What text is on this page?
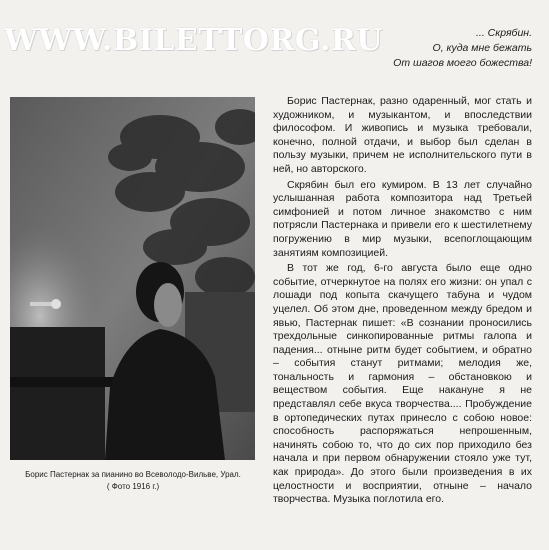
WWW.BILETTORG.RU	... Скрябин.
О, куда мне бежать
От шагов моего божества!
Борис Пастернак за пианино во Всеволодо-Вильве, Урал.
( Фото 1916 г.)

Борис Пастернак, разно одаренный, мог стать и художником, и музыкантом, и впоследствии философом. И живопись и музыка требовали, конечно, полной отдачи, и выбор был сделан в пользу музыки, причем не исполнительского пути в ней, но авторского.

Скрябин был его кумиром. В 13 лет случайно услышанная работа композитора над Третьей симфонией и потом личное знакомство с ним потрясли Пастернака и привели его к шестилетнему погружению в мир музыки, всепоглощающим занятиям композицией.

В тот же год, 6-го августа было еще одно событие, отчеркнутое на полях его жизни: он упал с лошади под копыта скачущего табуна и чудом уцелел. Об этом дне, проведенном между бредом и явью, Пастернак пишет: «В сознании проносились трехдольные синкопированные ритмы галопа и падения... отныне ритм будет событием, и обратно – события станут ритмами; мелодия же, тональность и гармония – обстановкою и веществом события. Еще накануне я не представлял себе вкуса творчества.... Пробуждение в ортопедических путах принесло с собою новое: способность распоряжаться непрошенным, начинять собою то, что до сих пор приходило без начала и при первом обнаружении стояло уже тут, как природа». До этого были произведения в их целостности и восприятии, отныне – начало творчества. Музыка поглотила его.
